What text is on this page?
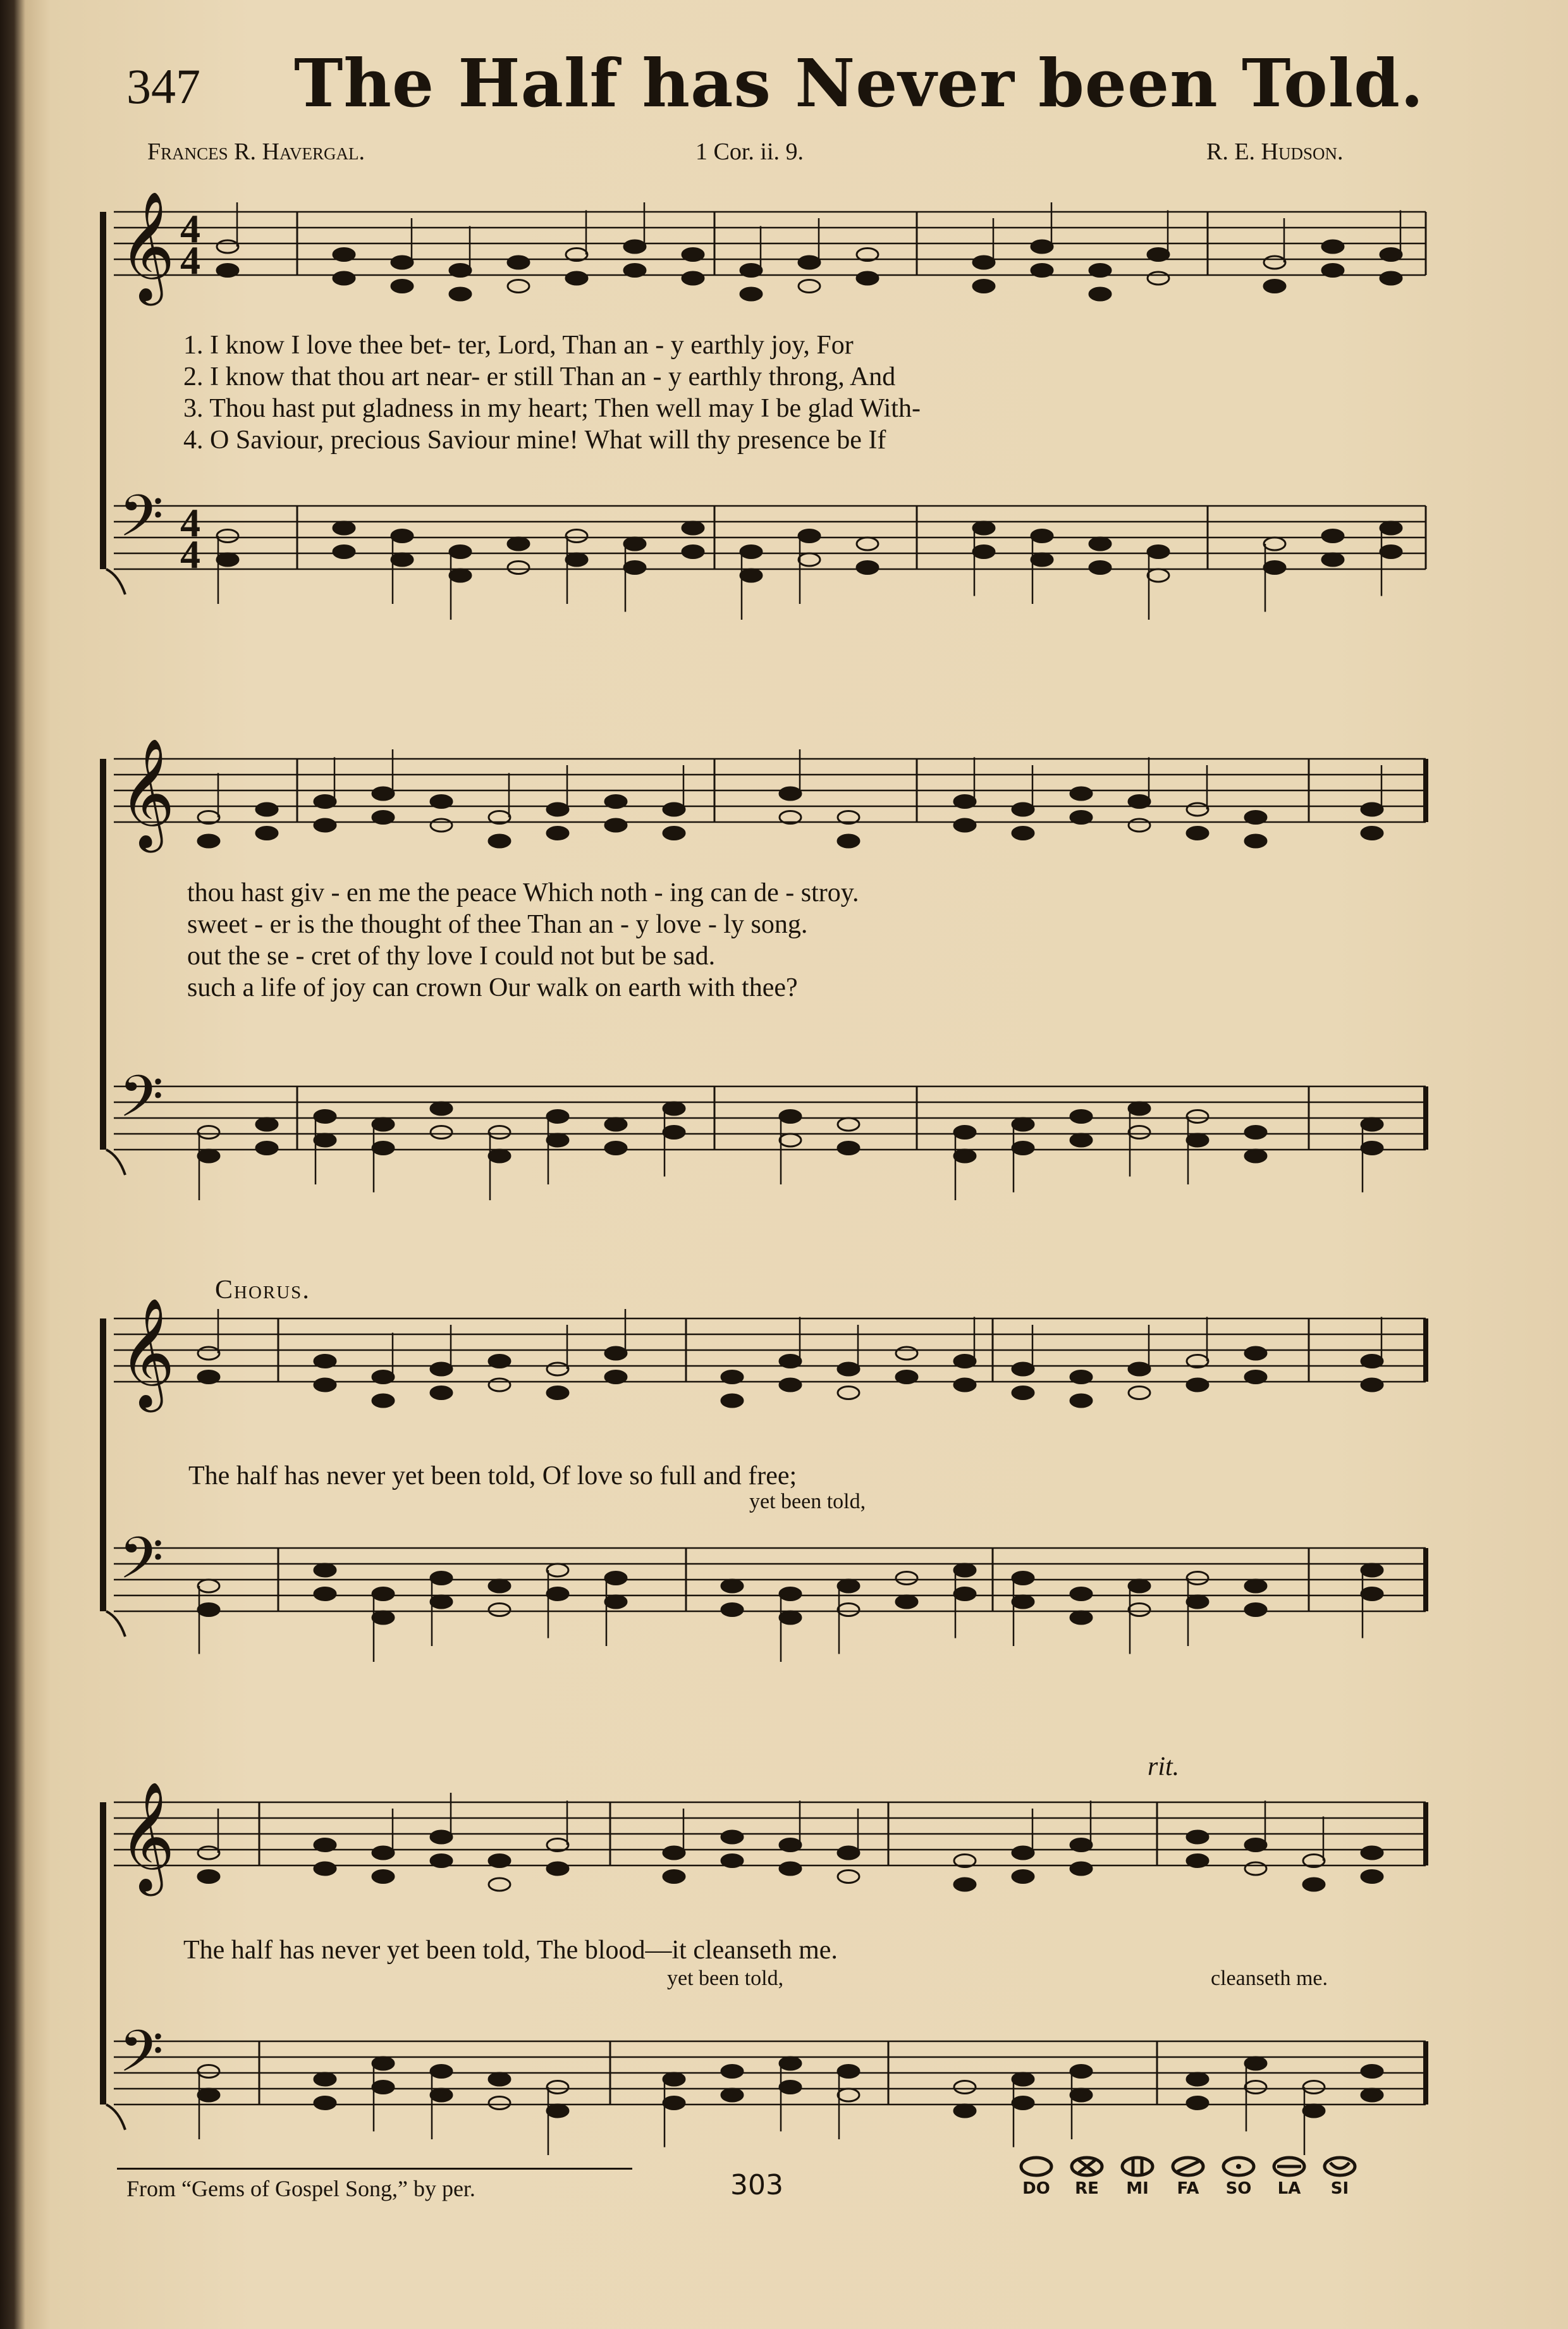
347 The Half has Never been Told.
Frances R. Havergal.	1 Cor. ii. 9.	R. E. Hudson.
𝄞 4
4
𝄢 4
4
𝄞
𝄢
𝄞
𝄢
𝄞
𝄢
1. I know I love thee bet- ter, Lord, Than an - y earthly joy, For
2. I know that thou art near- er still Than an - y earthly throng, And
3. Thou hast put gladness in my heart; Then well may I be glad With-
4. O Saviour, precious Saviour mine! What will thy presence be If
thou hast giv - en me the peace Which noth - ing can de - stroy.
sweet - er is the thought of thee Than an - y love - ly song.
out the se - cret of thy love I could not but be sad.
such a life of joy can crown Our walk on earth with thee?
Chorus.
The half has never yet been told, Of love so full and free;
yet been told,
rit.
The half has never yet been told, The blood—it cleanseth me.
yet been told,	cleanseth me.
From “Gems of Gospel Song,” by per.	303	DO RE MI FA SO LA SI
